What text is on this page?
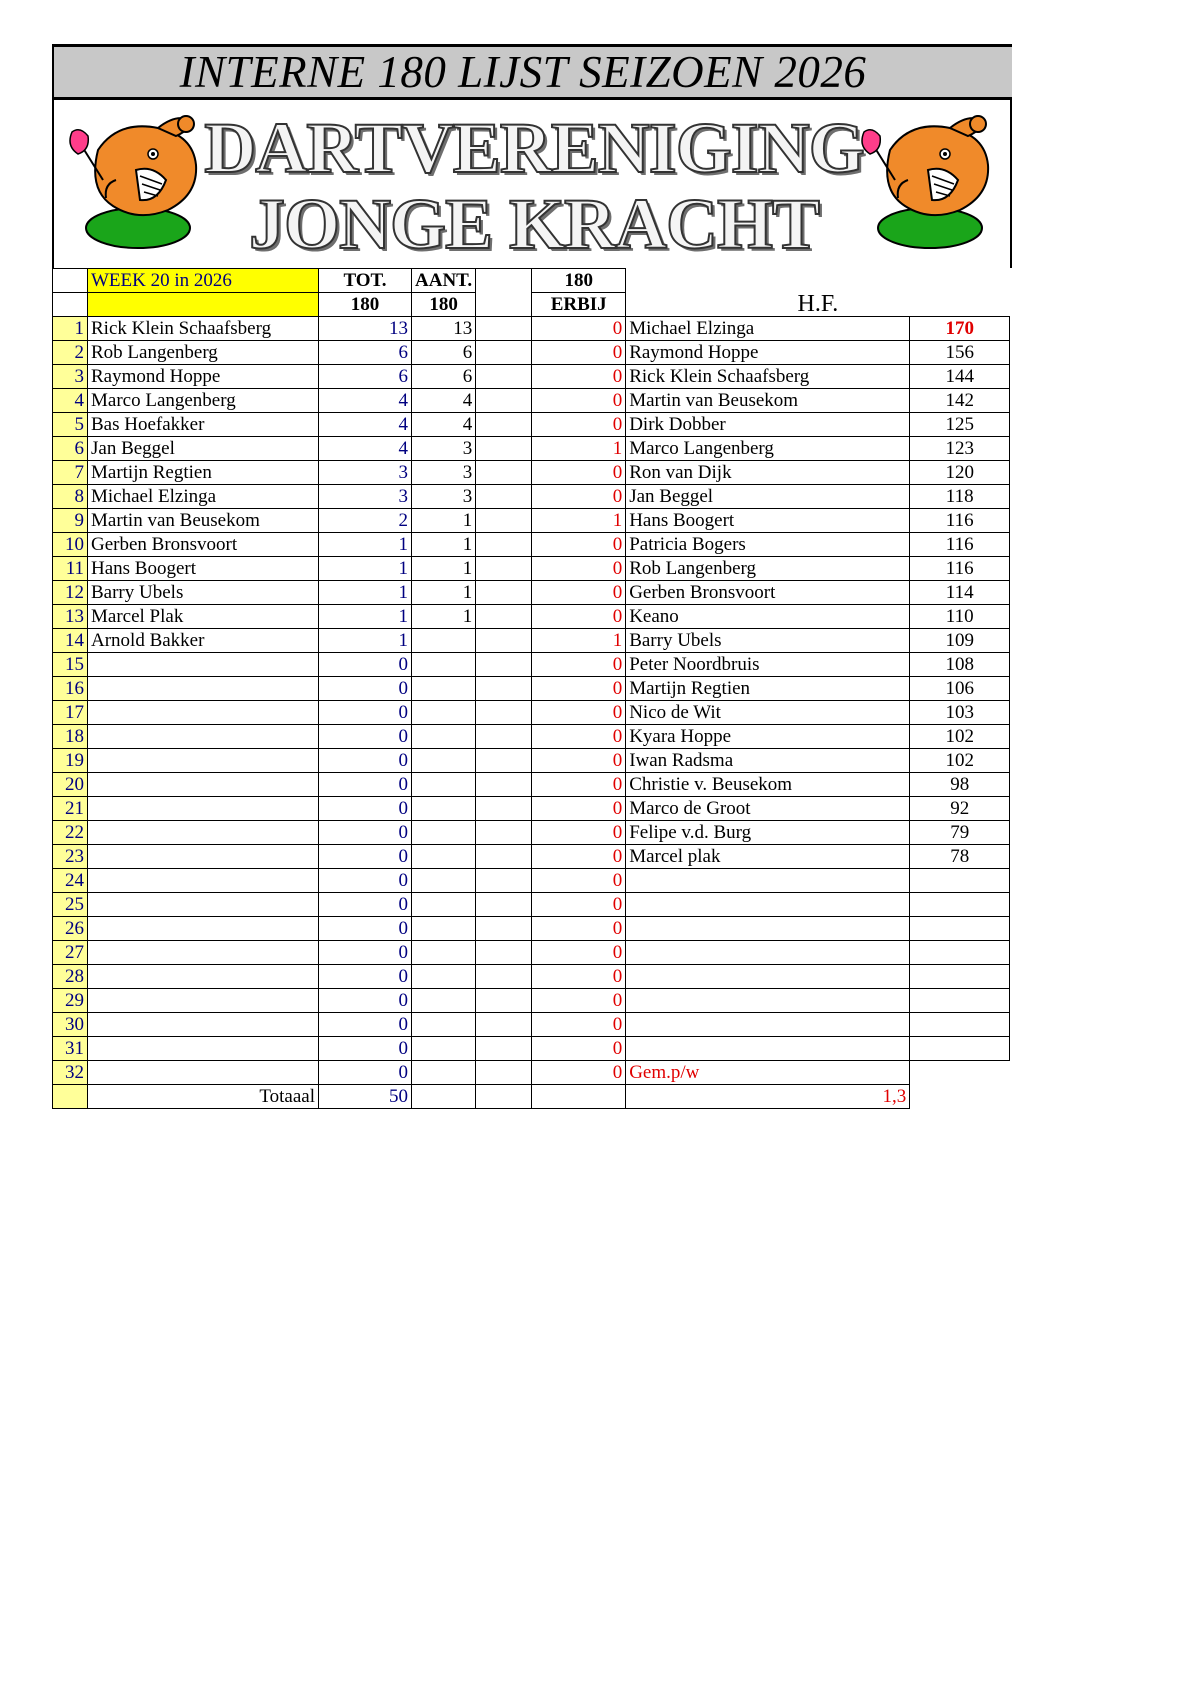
INTERNE 180 LIJST SEIZOEN 2026
DARTVERENIGING
JONGE KRACHT
	WEEK 20 in 2026	TOT.	AANT.		180	H.F.	
		180	180		ERBIJ		
1	Rick Klein Schaafsberg	13	13		0	Michael Elzinga	170
2	Rob Langenberg	6	6		0	Raymond Hoppe	156
3	Raymond Hoppe	6	6		0	Rick Klein Schaafsberg	144
4	Marco Langenberg	4	4		0	Martin van Beusekom	142
5	Bas Hoefakker	4	4		0	Dirk Dobber	125
6	Jan Beggel	4	3		1	Marco Langenberg	123
7	Martijn Regtien	3	3		0	Ron van Dijk	120
8	Michael Elzinga	3	3		0	Jan Beggel	118
9	Martin van Beusekom	2	1		1	Hans Boogert	116
10	Gerben Bronsvoort	1	1		0	Patricia Bogers	116
11	Hans Boogert	1	1		0	Rob Langenberg	116
12	Barry Ubels	1	1		0	Gerben Bronsvoort	114
13	Marcel Plak	1	1		0	Keano	110
14	Arnold Bakker	1			1	Barry Ubels	109
15		0			0	Peter Noordbruis	108
16		0			0	Martijn Regtien	106
17		0			0	Nico de Wit	103
18		0			0	Kyara Hoppe	102
19		0			0	Iwan Radsma	102
20		0			0	Christie v. Beusekom	98
21		0			0	Marco de Groot	92
22		0			0	Felipe v.d. Burg	79
23		0			0	Marcel plak	78
24		0			0		
25		0			0		
26		0			0		
27		0			0		
28		0			0		
29		0			0		
30		0			0		
31		0			0		
32		0			0	Gem.p/w	
	Totaaal	50				1,3	
